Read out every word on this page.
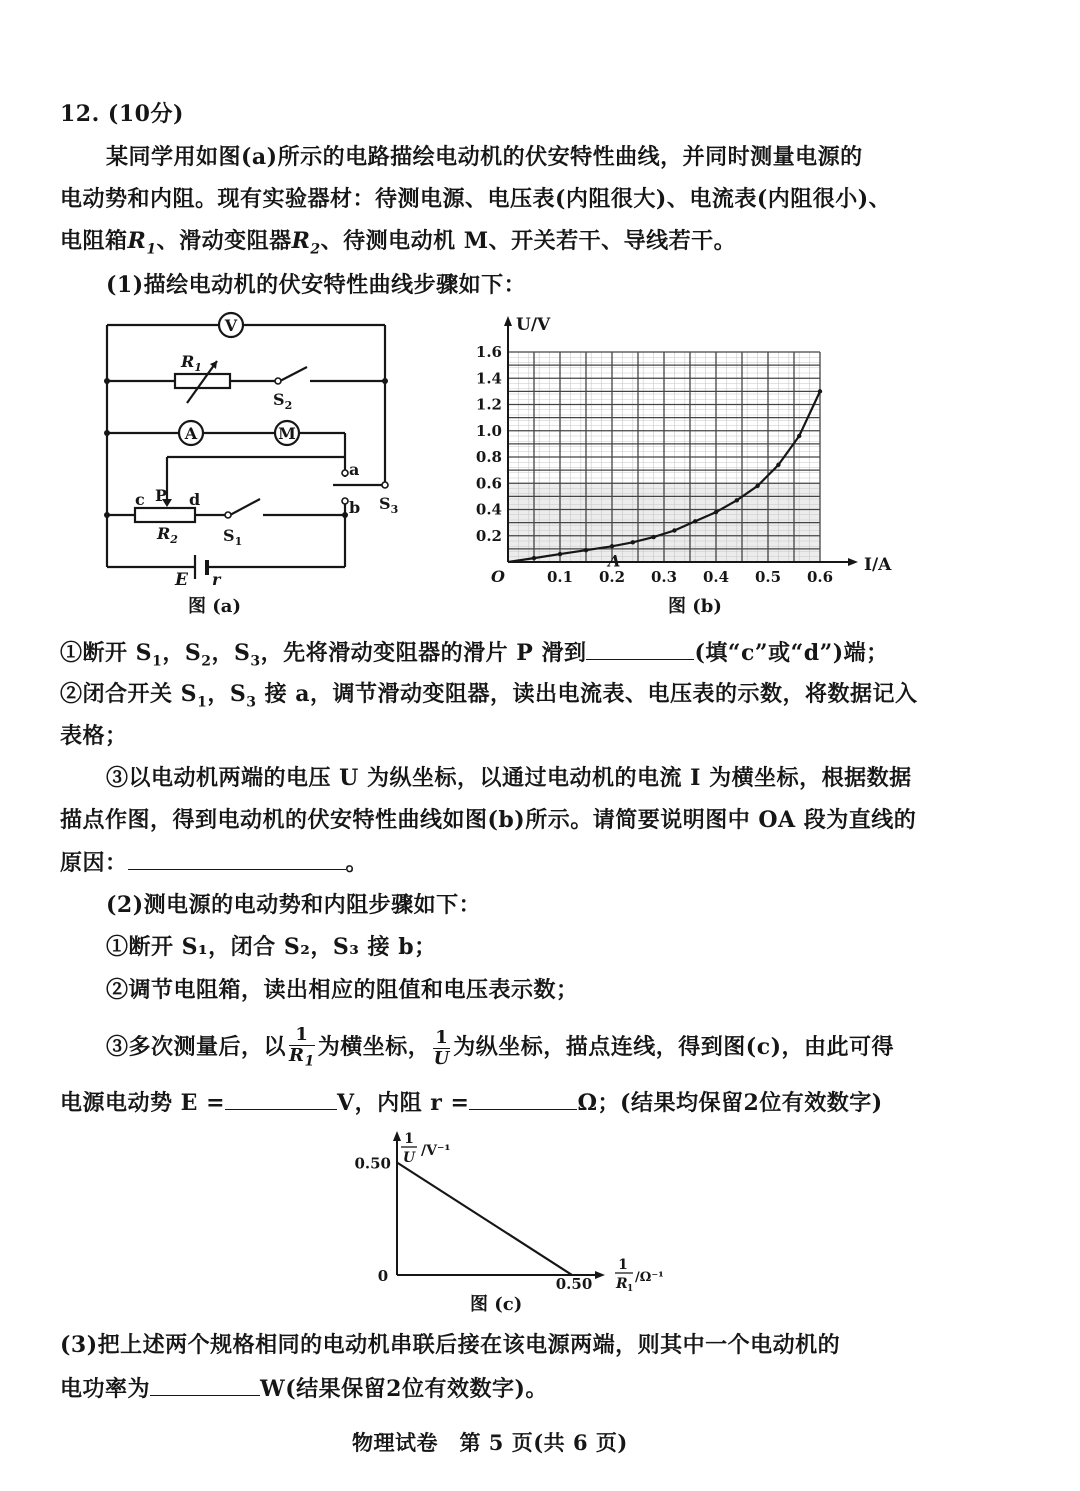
12. (10分)
某同学用如图(a)所示的电路描绘电动机的伏安特性曲线，并同时测量电源的
电动势和内阻。现有实验器材：待测电源、电压表(内阻很大)、电流表(内阻很小)、
电阻箱$R_1$、滑动变阻器$R_2$、待测电动机 M、开关若干、导线若干。
(1)描绘电动机的伏安特性曲线步骤如下：
V
A	M
$R_1$
$S_2$
a
b $S_3$
P
c	d
$R_2$	$S_1$
E r
图 (a)
0.1 0.2 0.3 0.4 0.5 0.6
0.2
0.4
0.6
0.8
1.0
1.2
1.4
1.6
O
I/A
U/V
A
图 (b)
①断开 $S_1$，$S_2$，$S_3$，先将滑动变阻器的滑片 P 滑到	(填“c”或“d”)端；
②闭合开关 $S_1$，$S_3$ 接 a，调节滑动变阻器，读出电流表、电压表的示数，将数据记入
表格；
③以电动机两端的电压 U 为纵坐标，以通过电动机的电流 I 为横坐标，根据数据
描点作图，得到电动机的伏安特性曲线如图(b)所示。请简要说明图中 OA 段为直线的
原因：	。
(2)测电源的电动势和内阻步骤如下：
①断开 S₁，闭合 S₂，S₃ 接 b；
②调节电阻箱，读出相应的阻值和电压表示数；
③多次测量后，以 $\frac{1}{R_1}$ 为横坐标， $\frac{1}{U}$ 为纵坐标，描点连线，得到图(c)，由此可得
电源电动势 E =	V，内阻 r =	Ω；(结果均保留2位有效数字)
0.50
0.50
0
1
U /V⁻¹
1
R 1
/Ω⁻¹
图 (c)
(3)把上述两个规格相同的电动机串联后接在该电源两端，则其中一个电动机的
电功率为	W(结果保留2位有效数字)。
物理试卷　第 5 页(共 6 页)
